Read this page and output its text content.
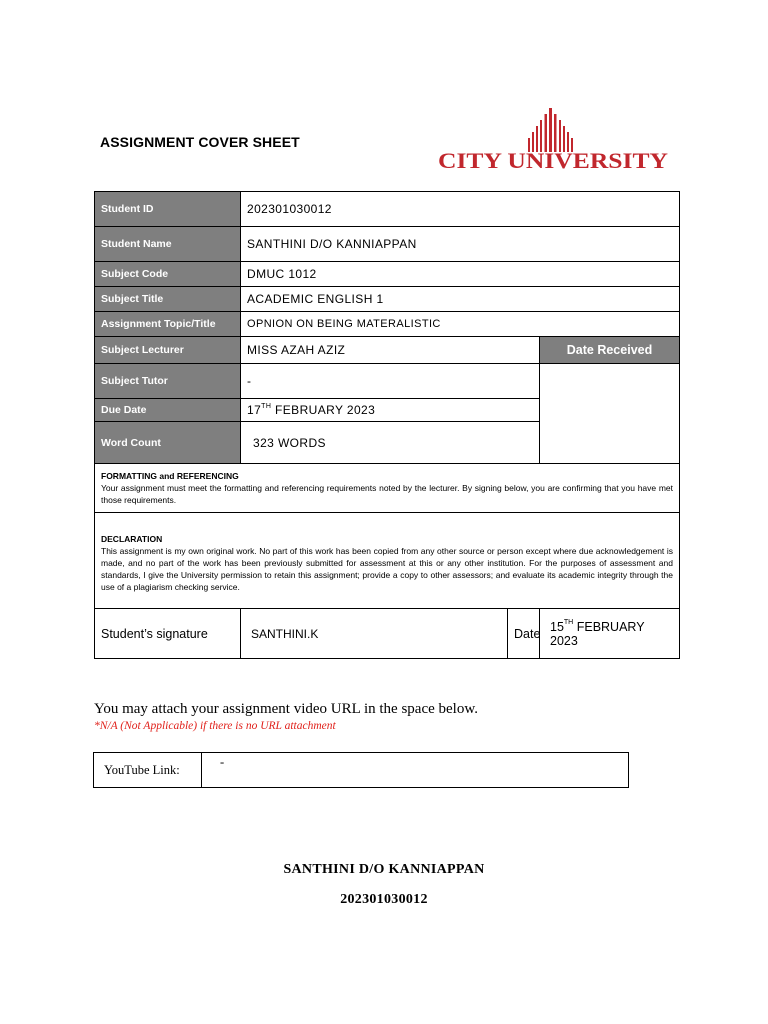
ASSIGNMENT COVER SHEET
CITY UNIVERSITY
Student ID	202301030012		
Student Name	SANTHINI D/O KANNIAPPAN		
Subject Code	DMUC 1012		
Subject Title	ACADEMIC ENGLISH 1		
Assignment Topic/Title	OPNION ON BEING MATERALISTIC		
Subject Lecturer	MISS AZAH AZIZ		Date Received
Subject Tutor	-		
Due Date	17TH FEBRUARY 2023		
Word Count	323 WORDS		

FORMATTING and REFERENCING
Your assignment must meet the formatting and referencing requirements noted by the lecturer. By signing below, you are confirming that you have met those requirements.			

DECLARATION
This assignment is my own original work. No part of this work has been copied from any other source or person except where due acknowledgement is made, and no part of the work has been previously submitted for assessment at this or any other institution. For the purposes of assessment and standards, I give the University permission to retain this assignment; provide a copy to other assessors; and evaluate its academic integrity through the use of a plagiarism checking service.			

Student’s signature	SANTHINI.K	Date	15TH FEBRUARY 2023
You may attach your assignment video URL in the space below.
*N/A (Not Applicable) if there is no URL attachment
YouTube Link:	-
SANTHINI D/O KANNIAPPAN
202301030012
